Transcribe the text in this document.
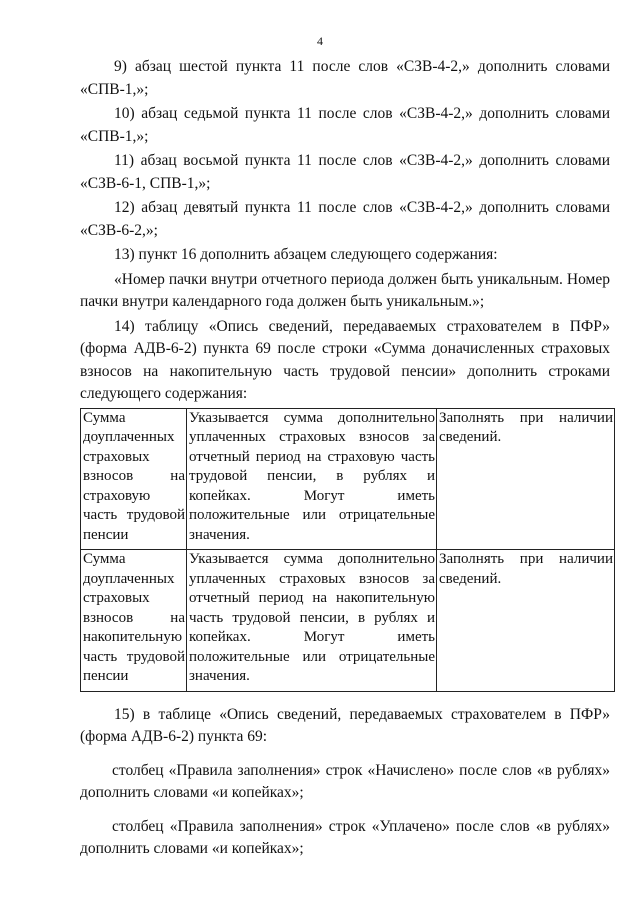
4

9) абзац шестой пункта 11 после слов «СЗВ-4-2,» дополнить словами «СПВ-1,»;

10) абзац седьмой пункта 11 после слов «СЗВ-4-2,» дополнить словами «СПВ-1,»;

11) абзац восьмой пункта 11 после слов «СЗВ-4-2,» дополнить словами «СЗВ-6-1, СПВ-1,»;

12) абзац девятый пункта 11 после слов «СЗВ-4-2,» дополнить словами «СЗВ-6-2,»;

13) пункт 16 дополнить абзацем следующего содержания:

«Номер пачки внутри отчетного периода должен быть уникальным. Номер пачки внутри календарного года должен быть уникальным.»;

14) таблицу «Опись сведений, передаваемых страхователем в ПФР» (форма АДВ-6-2) пункта 69 после строки «Сумма доначисленных страховых взносов на накопительную часть трудовой пенсии» дополнить строками следующего содержания:

Сумма доуплаченных страховых взносов на страховую часть трудовой пенсии	Указывается сумма дополнительно уплаченных страховых взносов за отчетный период на страховую часть трудовой пенсии, в рублях и копейках. Могут иметь положительные или отрицательные значения.	Заполнять при наличии сведений.
Сумма доуплаченных страховых взносов на накопительную часть трудовой пенсии	Указывается сумма дополнительно уплаченных страховых взносов за отчетный период на накопительную часть трудовой пенсии, в рублях и копейках. Могут иметь положительные или отрицательные значения.	Заполнять при наличии сведений.

15) в таблице «Опись сведений, передаваемых страхователем в ПФР» (форма АДВ-6-2) пункта 69:

столбец «Правила заполнения» строк «Начислено» после слов «в рублях» дополнить словами «и копейках»;

столбец «Правила заполнения» строк «Уплачено» после слов «в рублях» дополнить словами «и копейках»;
